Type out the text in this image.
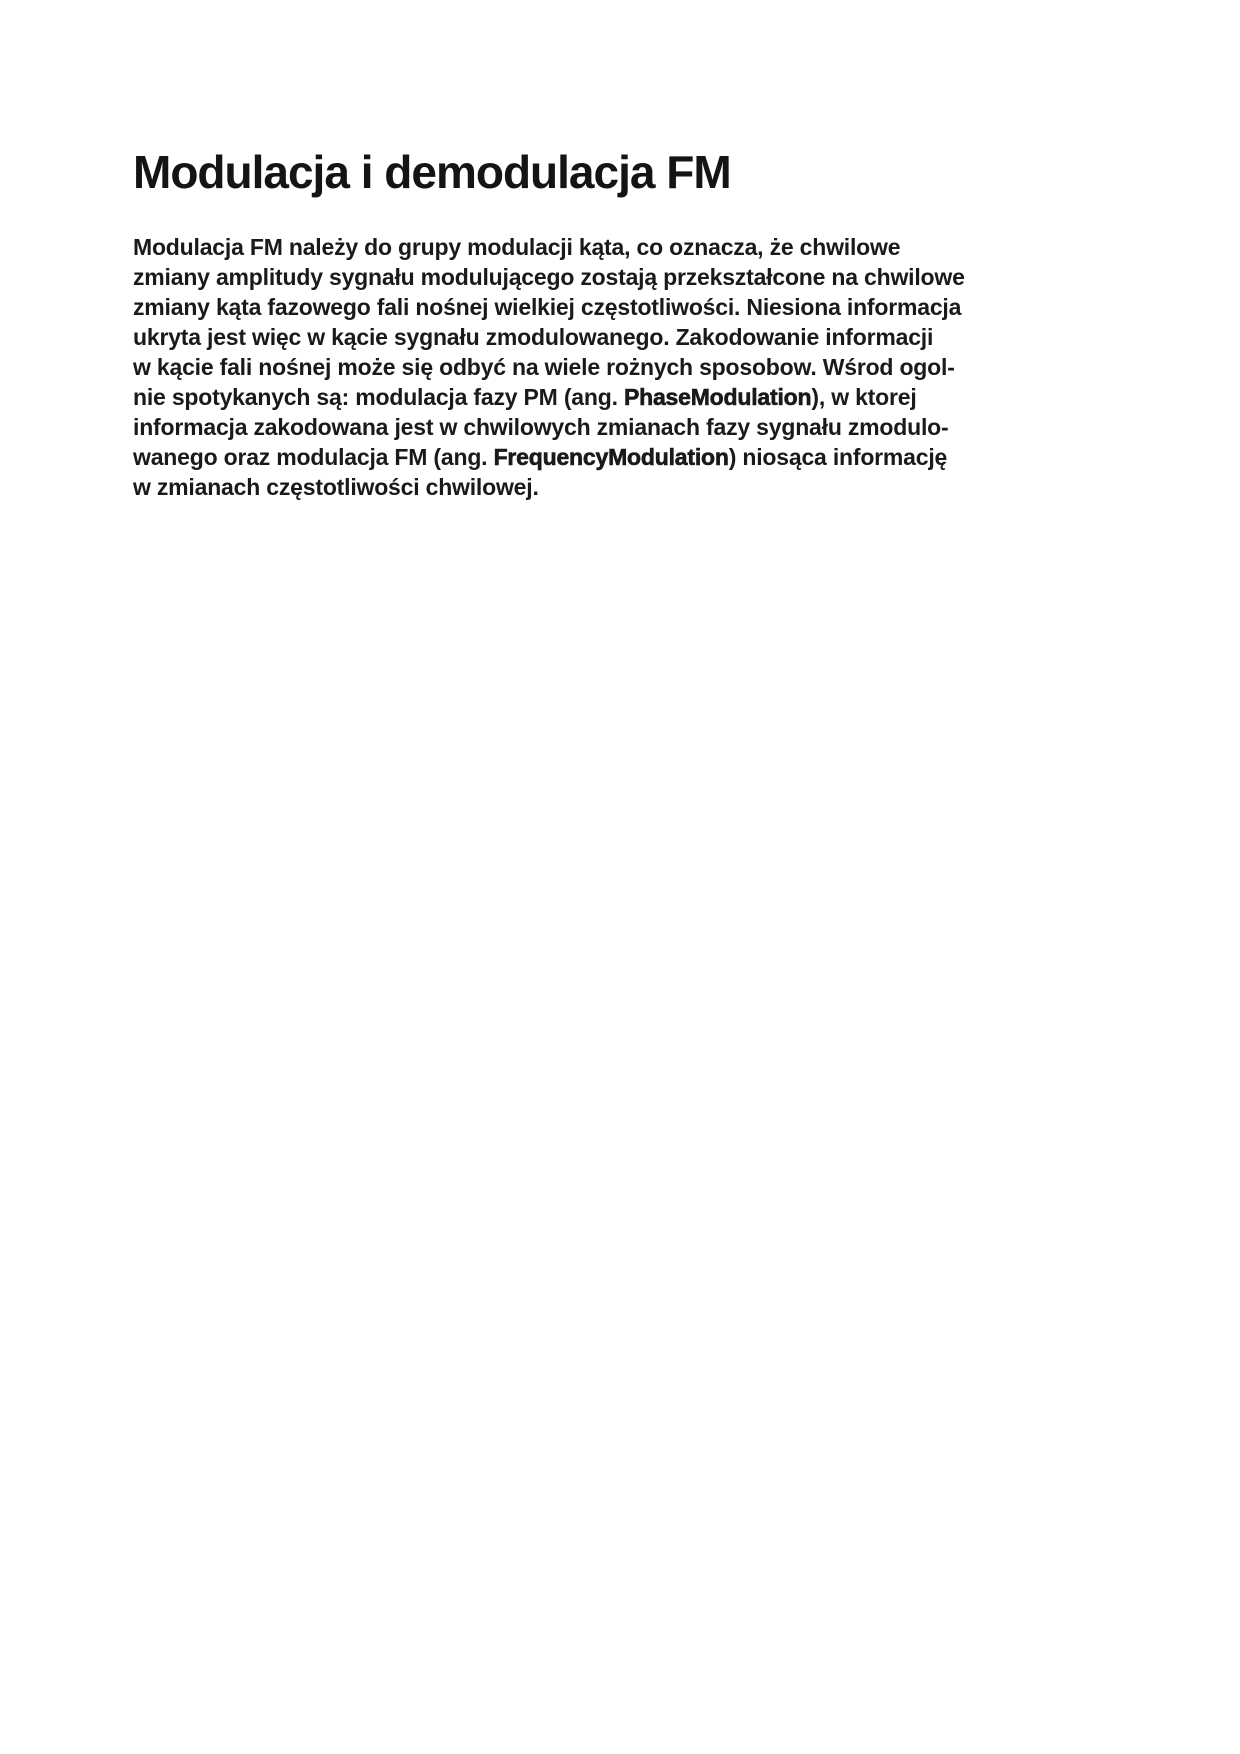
Modulacja i demodulacja FM
Modulacja FM należy do grupy modulacji kąta, co oznacza, że chwilowe
zmiany amplitudy sygnału modulującego zostają przekształcone na chwilowe
zmiany kąta fazowego fali nośnej wielkiej częstotliwości. Niesiona informacja
ukryta jest więc w kącie sygnału zmodulowanego. Zakodowanie informacji
w kącie fali nośnej może się odbyć na wiele rożnych sposobow. Wśrod ogol-
nie spotykanych są: modulacja fazy PM (ang. PhaseModulation), w ktorej
informacja zakodowana jest w chwilowych zmianach fazy sygnału zmodulo-
wanego oraz modulacja FM (ang. FrequencyModulation) niosąca informację
w zmianach częstotliwości chwilowej.
